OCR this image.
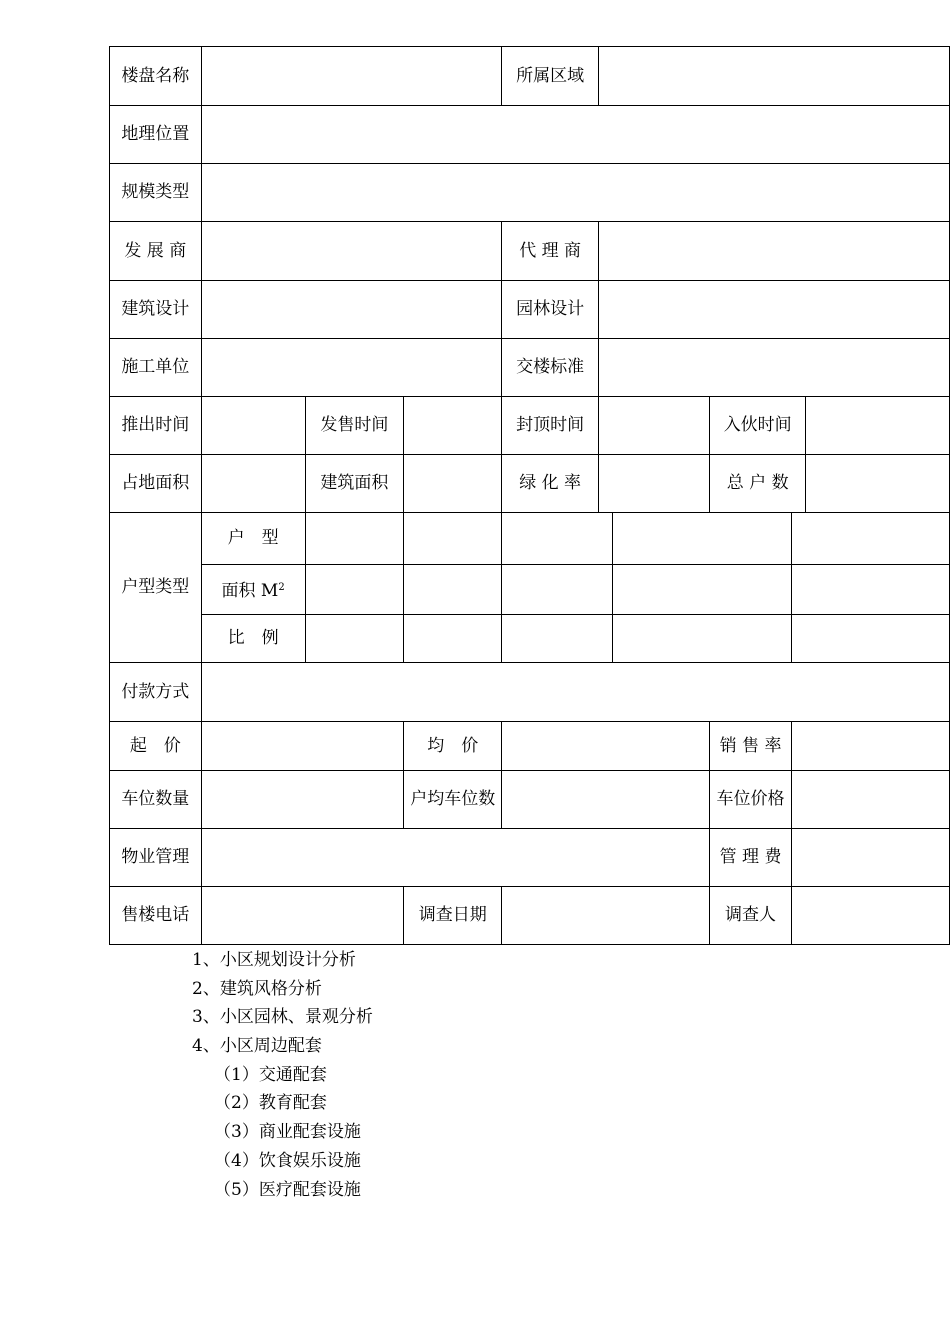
楼盘名称				所属区域					
地理位置									
规模类型									
发 展 商				代 理 商					
建筑设计				园林设计					
施工单位				交楼标准					
推出时间		发售时间		封顶时间			入伙时间		
占地面积		建筑面积		绿 化 率			总 户 数		
户型类型	户　型								
	面积 $M^2$					
	比　例								
付款方式									
起　价			均　价				销 售 率		
车位数量			户均车位数				车位价格		
物业管理							管 理 费		
售楼电话			调查日期				调查人		
1、小区规划设计分析
2、建筑风格分析
3、小区园林、景观分析
4、小区周边配套
（1）交通配套
（2）教育配套
（3）商业配套设施
（4）饮食娱乐设施
（5）医疗配套设施
